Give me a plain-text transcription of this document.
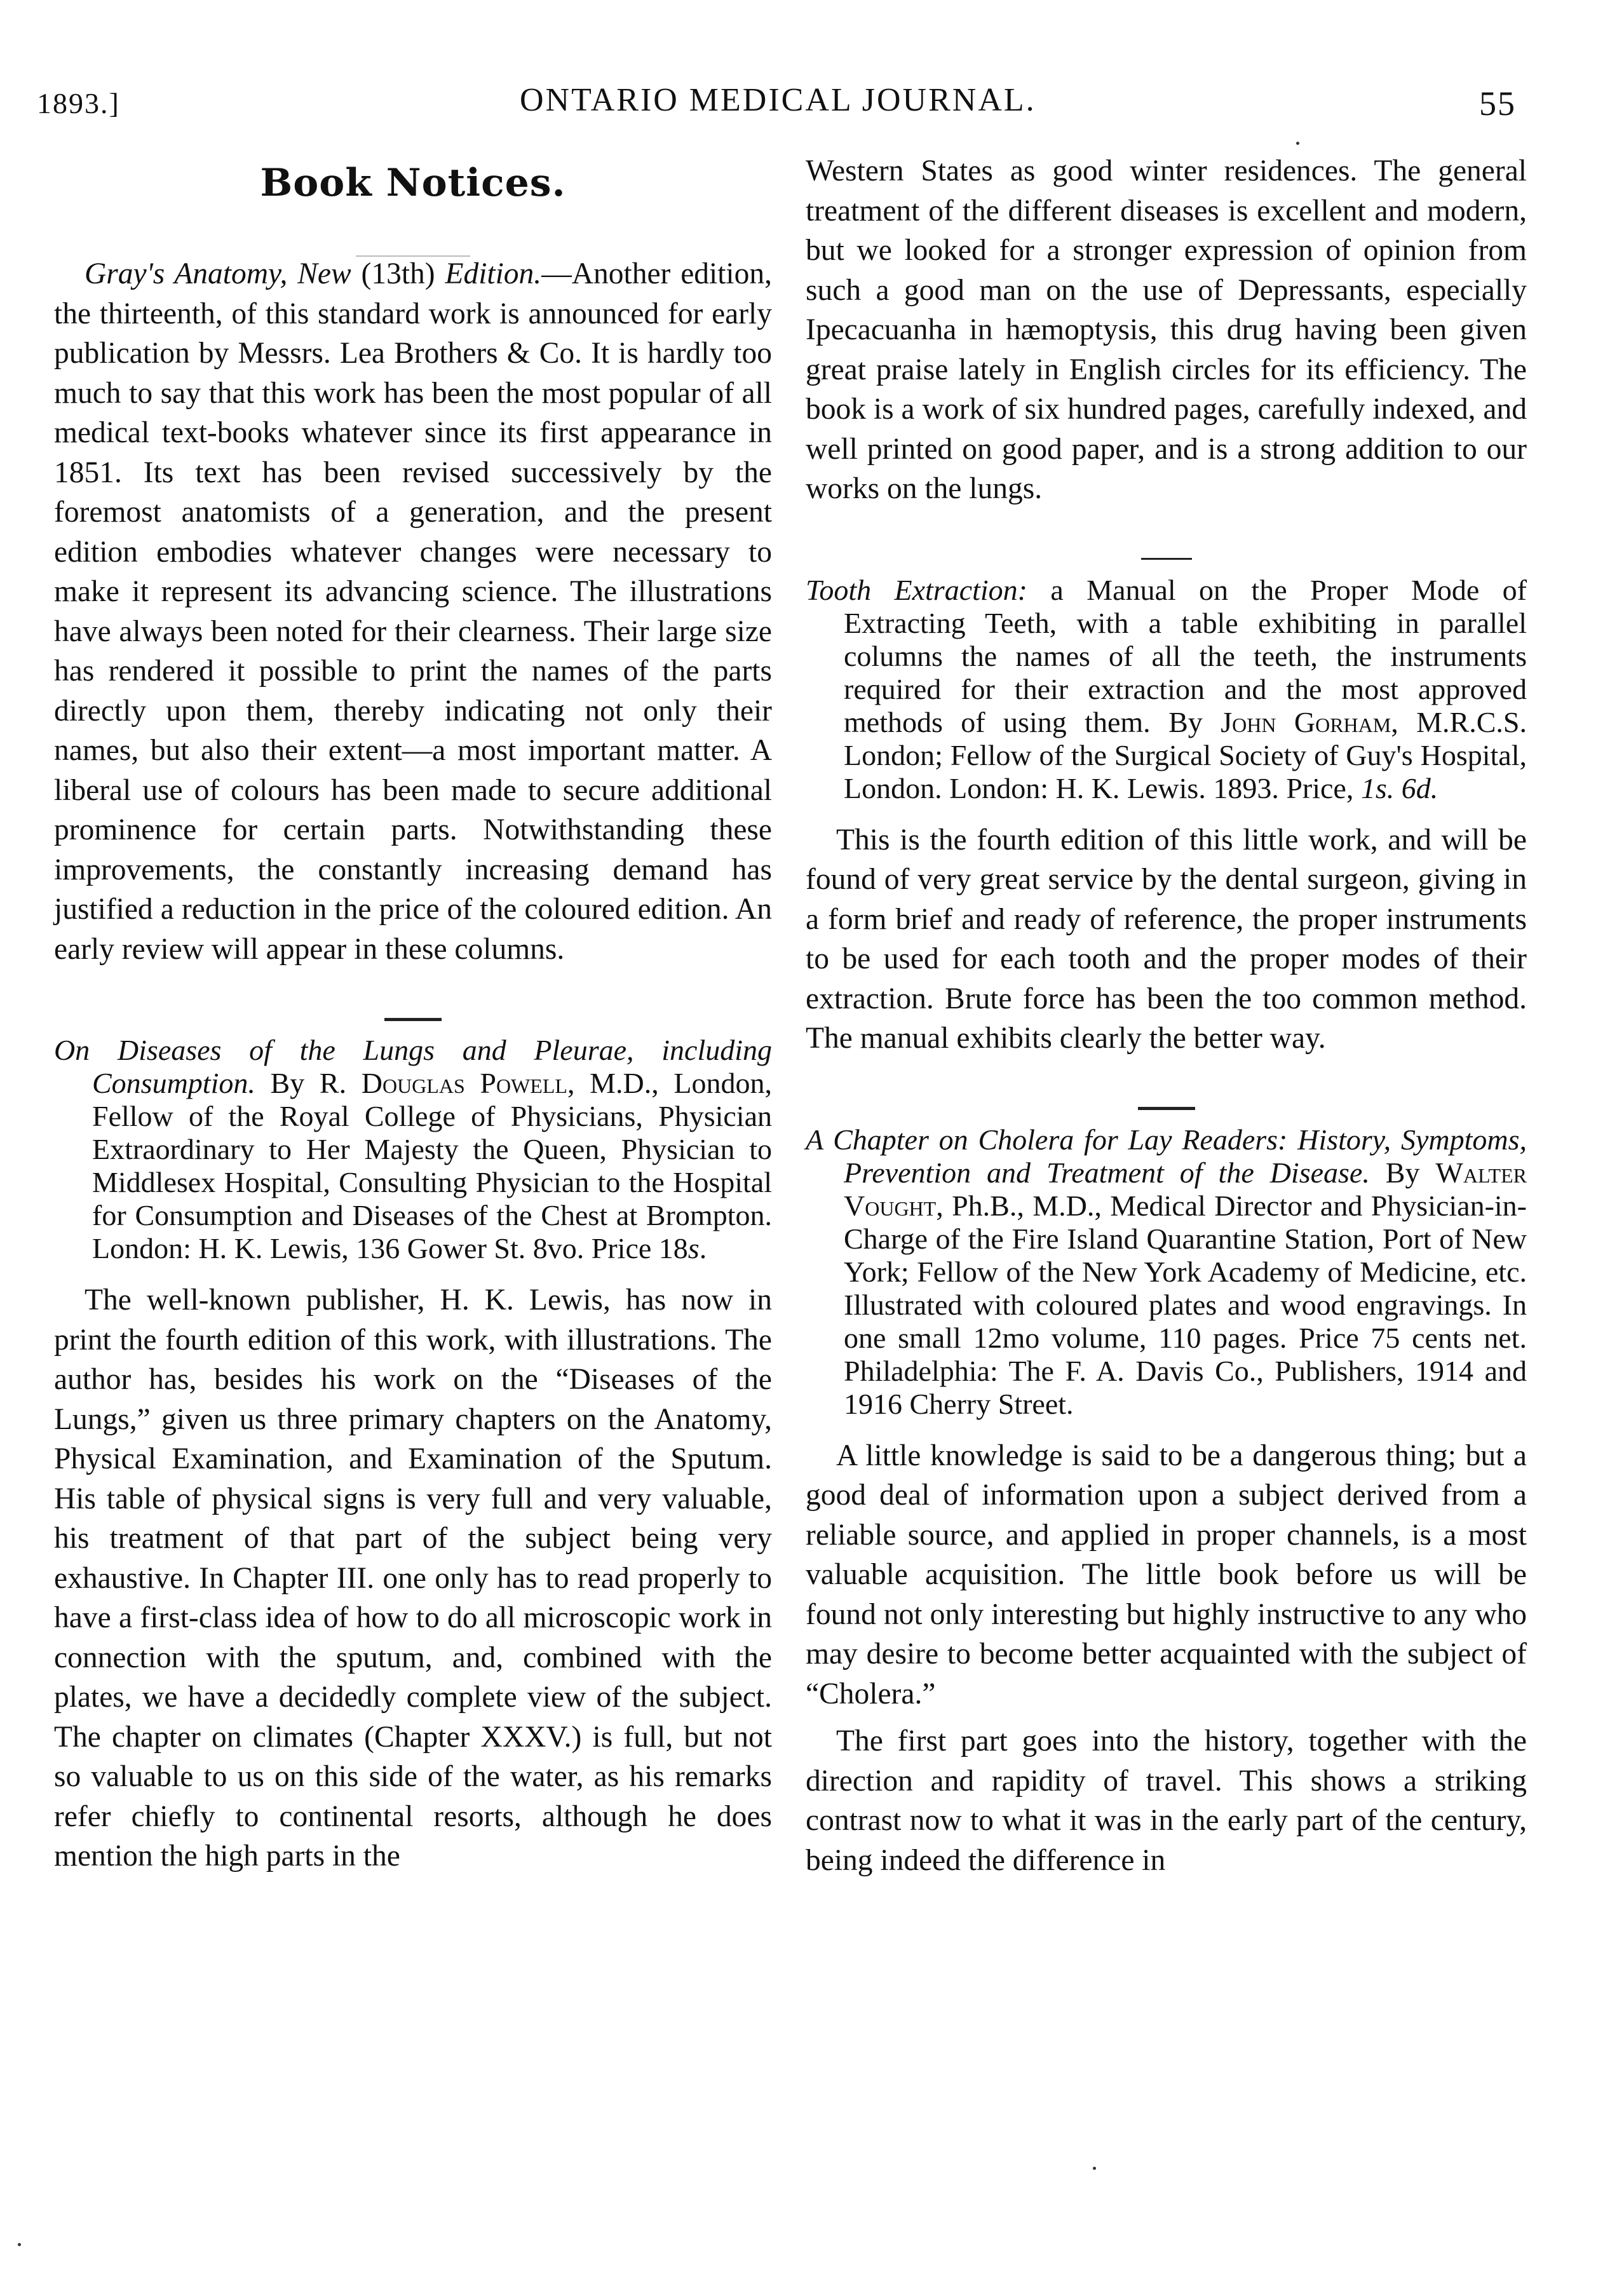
1893.]	ONTARIO MEDICAL JOURNAL.	55
Book Notices.

Gray's Anatomy, New (13th) Edition.—Another edition, the thirteenth, of this standard work is announced for early publication by Messrs. Lea Brothers & Co. It is hardly too much to say that this work has been the most popular of all medical text-books whatever since its first appearance in 1851. Its text has been revised successively by the foremost anatomists of a generation, and the present edition embodies whatever changes were necessary to make it represent its advancing science. The illustrations have always been noted for their clearness. Their large size has rendered it possible to print the names of the parts directly upon them, thereby indicating not only their names, but also their extent—a most important matter. A liberal use of colours has been made to secure additional prominence for certain parts. Notwithstanding these improvements, the constantly increasing demand has justified a reduction in the price of the coloured edition. An early review will appear in these columns.

On Diseases of the Lungs and Pleurae, including Consumption. By R. Douglas Powell, M.D., London, Fellow of the Royal College of Physicians, Physician Extraordinary to Her Majesty the Queen, Physician to Middlesex Hospital, Consulting Physician to the Hospital for Consumption and Diseases of the Chest at Brompton. London: H. K. Lewis, 136 Gower St. 8vo. Price 18s.

The well-known publisher, H. K. Lewis, has now in print the fourth edition of this work, with illustrations. The author has, besides his work on the “Diseases of the Lungs,” given us three primary chapters on the Anatomy, Physical Examination, and Examination of the Sputum. His table of physical signs is very full and very valuable, his treatment of that part of the subject being very exhaustive. In Chapter III. one only has to read properly to have a first-class idea of how to do all microscopic work in connection with the sputum, and, combined with the plates, we have a decidedly complete view of the subject. The chapter on climates (Chapter XXXV.) is full, but not so valuable to us on this side of the water, as his remarks refer chiefly to continental resorts, although he does mention the high parts in the

Western States as good winter residences. The general treatment of the different diseases is excellent and modern, but we looked for a stronger expression of opinion from such a good man on the use of Depressants, especially Ipecacuanha in hæmoptysis, this drug having been given great praise lately in English circles for its efficiency. The book is a work of six hundred pages, carefully indexed, and well printed on good paper, and is a strong addition to our works on the lungs.

Tooth Extraction: a Manual on the Proper Mode of Extracting Teeth, with a table exhibiting in parallel columns the names of all the teeth, the instruments required for their extraction and the most approved methods of using them. By John Gorham, M.R.C.S. London; Fellow of the Surgical Society of Guy's Hospital, London. London: H. K. Lewis. 1893. Price, 1s. 6d.

This is the fourth edition of this little work, and will be found of very great service by the dental surgeon, giving in a form brief and ready of reference, the proper instruments to be used for each tooth and the proper modes of their extraction. Brute force has been the too common method. The manual exhibits clearly the better way.

A Chapter on Cholera for Lay Readers: History, Symptoms, Prevention and Treatment of the Disease. By Walter Vought, Ph.B., M.D., Medical Director and Physician-in-Charge of the Fire Island Quarantine Station, Port of New York; Fellow of the New York Academy of Medicine, etc. Illustrated with coloured plates and wood engravings. In one small 12mo volume, 110 pages. Price 75 cents net. Philadelphia: The F. A. Davis Co., Publishers, 1914 and 1916 Cherry Street.

A little knowledge is said to be a dangerous thing; but a good deal of information upon a subject derived from a reliable source, and applied in proper channels, is a most valuable acquisition. The little book before us will be found not only interesting but highly instructive to any who may desire to become better acquainted with the subject of “Cholera.”

The first part goes into the history, together with the direction and rapidity of travel. This shows a striking contrast now to what it was in the early part of the century, being indeed the difference in
